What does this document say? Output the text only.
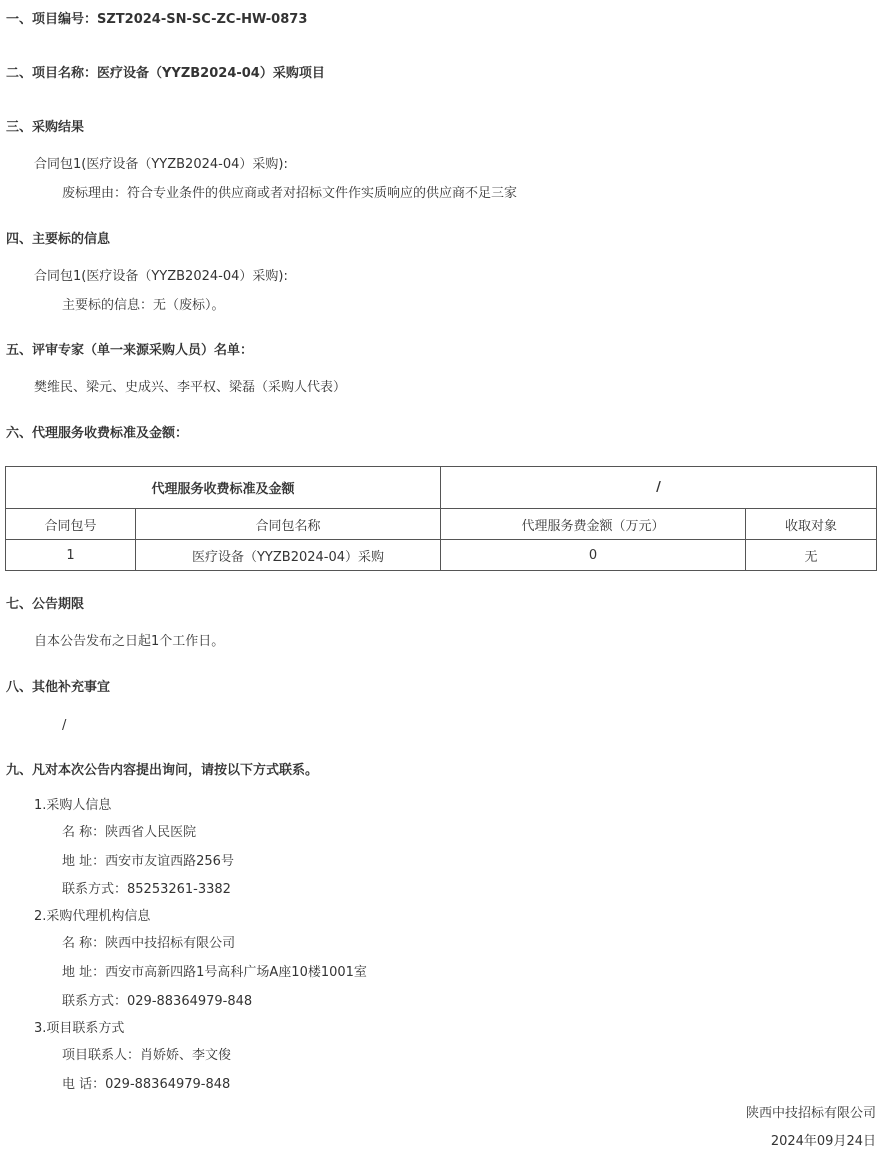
一、项目编号：SZT2024-SN-SC-ZC-HW-0873
二、项目名称：医疗设备（YYZB2024-04）采购项目
三、采购结果
合同包1(医疗设备（YYZB2024-04）采购):
废标理由：符合专业条件的供应商或者对招标文件作实质响应的供应商不足三家
四、主要标的信息
合同包1(医疗设备（YYZB2024-04）采购):
主要标的信息：无（废标）。
五、评审专家（单一来源采购人员）名单：
樊维民、梁元、史成兴、李平权、梁磊（采购人代表）
六、代理服务收费标准及金额：
代理服务收费标准及金额		/	
合同包号	合同包名称	代理服务费金额（万元）	收取对象
1	医疗设备（YYZB2024-04）采购	0	无
七、公告期限
自本公告发布之日起1个工作日。
八、其他补充事宜
/
九、凡对本次公告内容提出询问，请按以下方式联系。
1.采购人信息
名 称：陕西省人民医院
地 址：西安市友谊西路256号
联系方式：85253261-3382
2.采购代理机构信息
名 称：陕西中技招标有限公司
地 址：西安市高新四路1号高科广场A座10楼1001室
联系方式：029-88364979-848
3.项目联系方式
项目联系人：肖娇娇、李文俊
电 话：029-88364979-848
陕西中技招标有限公司
2024年09月24日
